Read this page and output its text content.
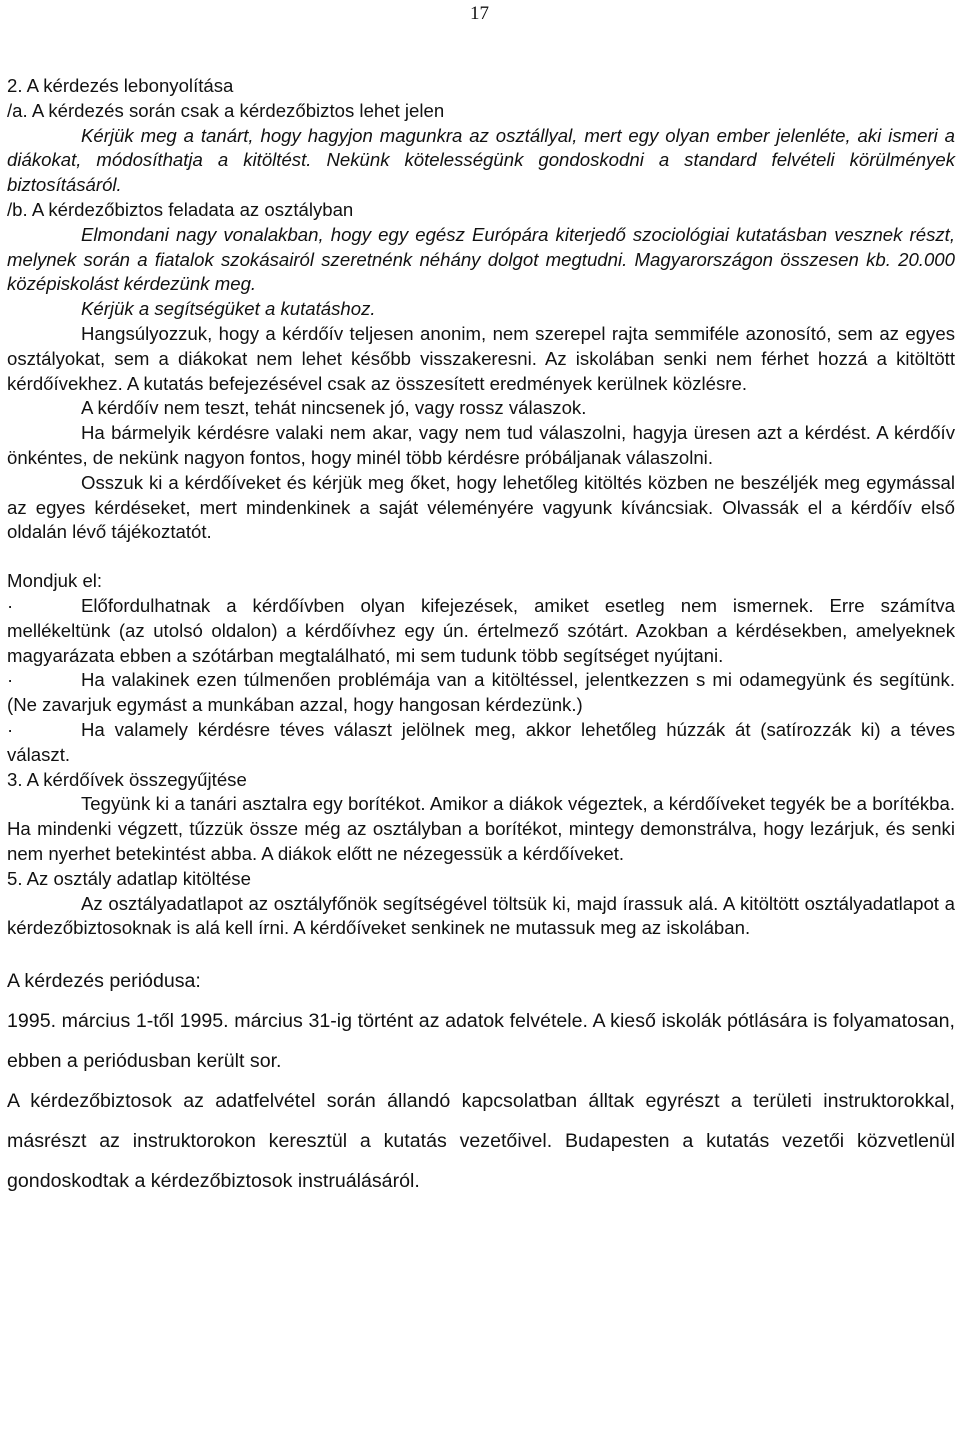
17

2. A kérdezés lebonyolítása

/a. A kérdezés során csak a kérdezőbiztos lehet jelen

Kérjük meg a tanárt, hogy hagyjon magunkra az osztállyal, mert egy olyan ember jelenléte, aki ismeri a diákokat, módosíthatja a kitöltést. Nekünk kötelességünk gondoskodni a standard felvételi körülmények biztosításáról.

/b. A kérdezőbiztos feladata az osztályban

Elmondani nagy vonalakban, hogy egy egész Európára kiterjedő szociológiai kutatásban vesznek részt, melynek során a fiatalok szokásairól szeretnénk néhány dolgot megtudni. Magyarországon összesen kb. 20.000 középiskolást kérdezünk meg.

Kérjük a segítségüket a kutatáshoz.

Hangsúlyozzuk, hogy a kérdőív teljesen anonim, nem szerepel rajta semmiféle azonosító, sem az egyes osztályokat, sem a diákokat nem lehet később visszakeresni. Az iskolában senki nem férhet hozzá a kitöltött kérdőívekhez. A kutatás befejezésével csak az összesített eredmények kerülnek közlésre.

A kérdőív nem teszt, tehát nincsenek jó, vagy rossz válaszok.

Ha bármelyik kérdésre valaki nem akar, vagy nem tud válaszolni, hagyja üresen azt a kérdést. A kérdőív önkéntes, de nekünk nagyon fontos, hogy minél több kérdésre próbáljanak válaszolni.

Osszuk ki a kérdőíveket és kérjük meg őket, hogy lehetőleg kitöltés közben ne beszéljék meg egymással az egyes kérdéseket, mert mindenkinek a saját véleményére vagyunk kíváncsiak. Olvassák el a kérdőív első oldalán lévő tájékoztatót.

Mondjuk el:

·	Előfordulhatnak a kérdőívben olyan kifejezések, amiket esetleg nem ismernek. Erre számítva mellékeltünk (az utolsó oldalon) a kérdőívhez egy ún. értelmező szótárt. Azokban a kérdésekben, amelyeknek magyarázata ebben a szótárban megtalálható, mi sem tudunk több segítséget nyújtani.

·	Ha valakinek ezen túlmenően problémája van a kitöltéssel, jelentkezzen s mi odamegyünk és segítünk. (Ne zavarjuk egymást a munkában azzal, hogy hangosan kérdezünk.)

·	Ha valamely kérdésre téves választ jelölnek meg, akkor lehetőleg húzzák át (satírozzák ki) a téves választ.

3. A kérdőívek összegyűjtése

Tegyünk ki a tanári asztalra egy borítékot. Amikor a diákok végeztek, a kérdőíveket tegyék be a borítékba. Ha mindenki végzett, tűzzük össze még az osztályban a borítékot, mintegy demonstrálva, hogy lezárjuk, és senki nem nyerhet betekintést abba. A diákok előtt ne nézegessük a kérdőíveket.

5. Az osztály adatlap kitöltése

Az osztályadatlapot az osztályfőnök segítségével töltsük ki, majd írassuk alá. A kitöltött osztályadatlapot a kérdezőbiztosoknak is alá kell írni. A kérdőíveket senkinek ne mutassuk meg az iskolában.

A kérdezés periódusa:

1995. március 1-től 1995. március 31-ig történt az adatok felvétele. A kieső iskolák pótlására is folyamatosan, ebben a periódusban került sor.

A kérdezőbiztosok az adatfelvétel során állandó kapcsolatban álltak egyrészt a területi instruktorokkal, másrészt az instruktorokon keresztül a kutatás vezetőivel. Budapesten a kutatás vezetői közvetlenül gondoskodtak a kérdezőbiztosok instruálásáról.
